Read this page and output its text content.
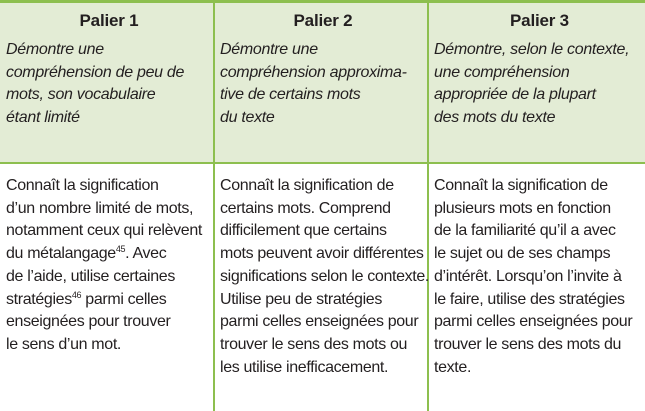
Palier 1
Démontre une
compréhension de peu de
mots, son vocabulaire
étant limité
Palier 2
Démontre une
compréhension approxima-
tive de certains mots
du texte
Palier 3
Démontre, selon le contexte,
une compréhension
appropriée de la plupart
des mots du texte
Connaît la signification
d’un nombre limité de mots,
notamment ceux qui relèvent
du métalangage$^{45}$. Avec
de l’aide, utilise certaines
stratégies$^{46}$ parmi celles
enseignées pour trouver
le sens d’un mot.
Connaît la signification de
certains mots. Comprend
difficilement que certains
mots peuvent avoir différentes
significations selon le contexte.
Utilise peu de stratégies
parmi celles enseignées pour
trouver le sens des mots ou
les utilise inefficacement.
Connaît la signification de
plusieurs mots en fonction
de la familiarité qu’il a avec
le sujet ou de ses champs
d’intérêt. Lorsqu’on l’invite à
le faire, utilise des stratégies
parmi celles enseignées pour
trouver le sens des mots du
texte.
